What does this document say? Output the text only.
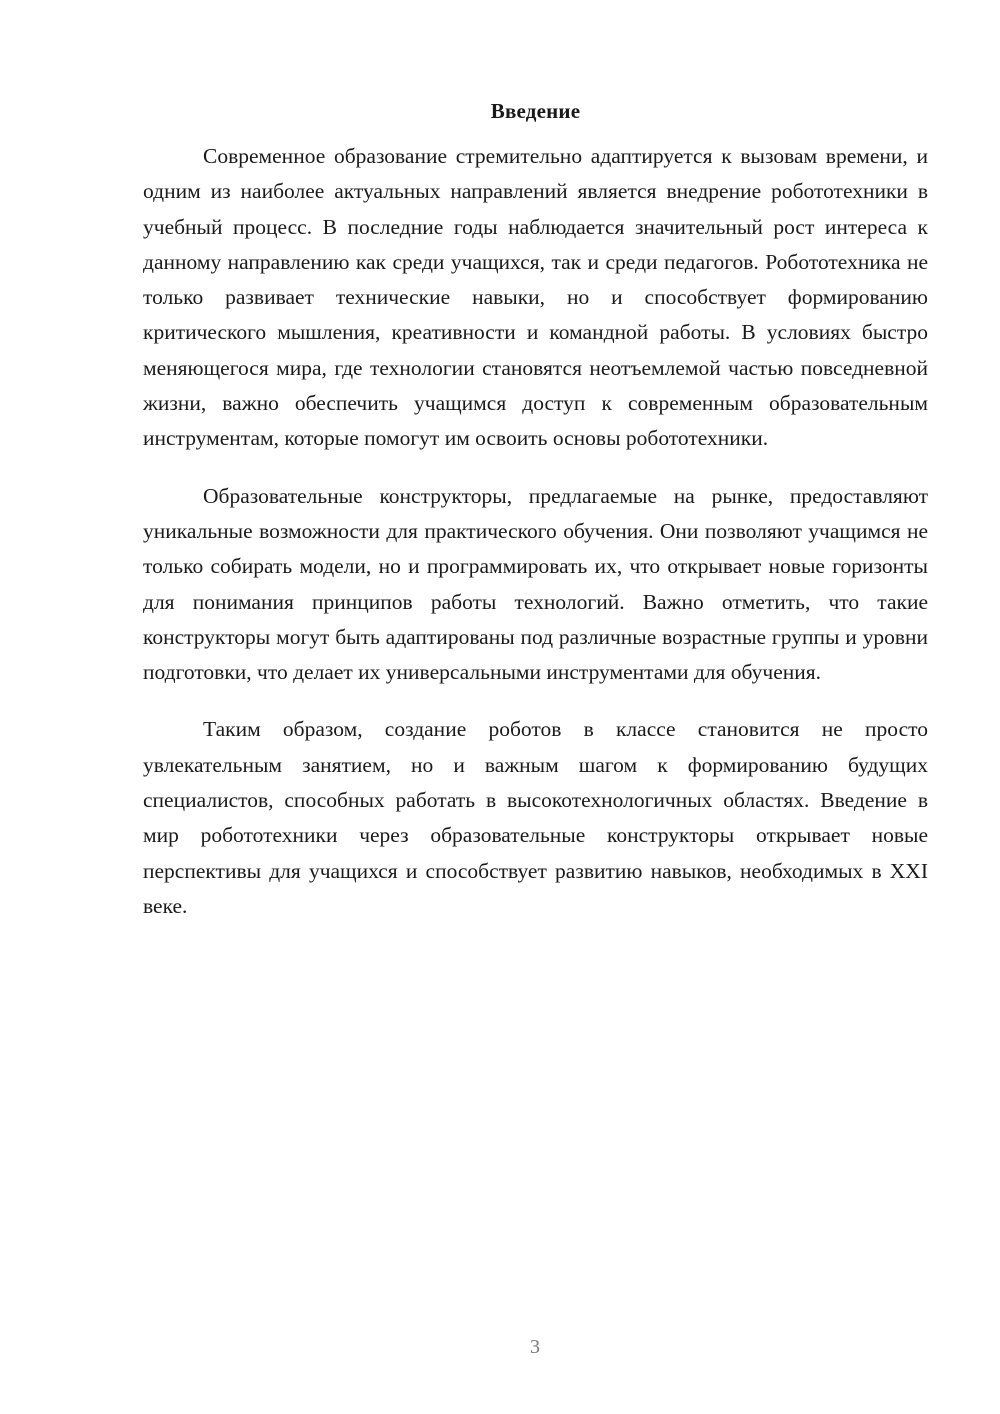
Введение

Современное образование стремительно адаптируется к вызовам времени, и одним из наиболее актуальных направлений является внедрение робототехники в учебный процесс. В последние годы наблюдается значительный рост интереса к данному направлению как среди учащихся, так и среди педагогов. Робототехника не только развивает технические навыки, но и способствует формированию критического мышления, креативности и командной работы. В условиях быстро меняющегося мира, где технологии становятся неотъемлемой частью повседневной жизни, важно обеспечить учащимся доступ к современным образовательным инструментам, которые помогут им освоить основы робототехники.

Образовательные конструкторы, предлагаемые на рынке, предоставляют уникальные возможности для практического обучения. Они позволяют учащимся не только собирать модели, но и программировать их, что открывает новые горизонты для понимания принципов работы технологий. Важно отметить, что такие конструкторы могут быть адаптированы под различные возрастные группы и уровни подготовки, что делает их универсальными инструментами для обучения.

Таким образом, создание роботов в классе становится не просто увлекательным занятием, но и важным шагом к формированию будущих специалистов, способных работать в высокотехнологичных областях. Введение в мир робототехники через образовательные конструкторы открывает новые перспективы для учащихся и способствует развитию навыков, необходимых в XXI веке.

3
